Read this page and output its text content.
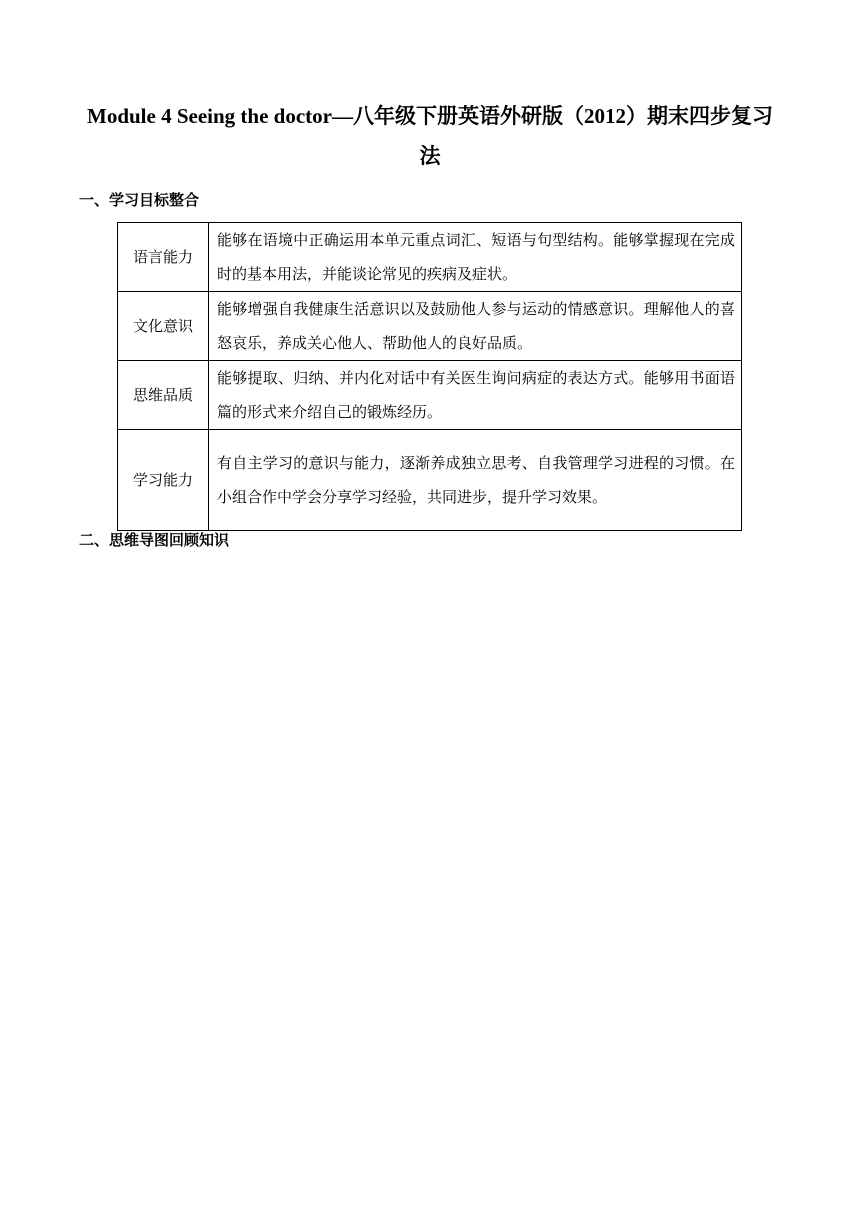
Module 4 Seeing the doctor—八年级下册英语外研版（2012）期末四步复习法
一、学习目标整合
语言能力	能够在语境中正确运用本单元重点词汇、短语与句型结构。能够掌握现在完成时的基本用法，并能谈论常见的疾病及症状。
文化意识	能够增强自我健康生活意识以及鼓励他人参与运动的情感意识。理解他人的喜怒哀乐，养成关心他人、帮助他人的良好品质。
思维品质	能够提取、归纳、并内化对话中有关医生询问病症的表达方式。能够用书面语篇的形式来介绍自己的锻炼经历。
学习能力	有自主学习的意识与能力，逐渐养成独立思考、自我管理学习进程的习惯。在小组合作中学会分享学习经验，共同进步，提升学习效果。
二、思维导图回顾知识
